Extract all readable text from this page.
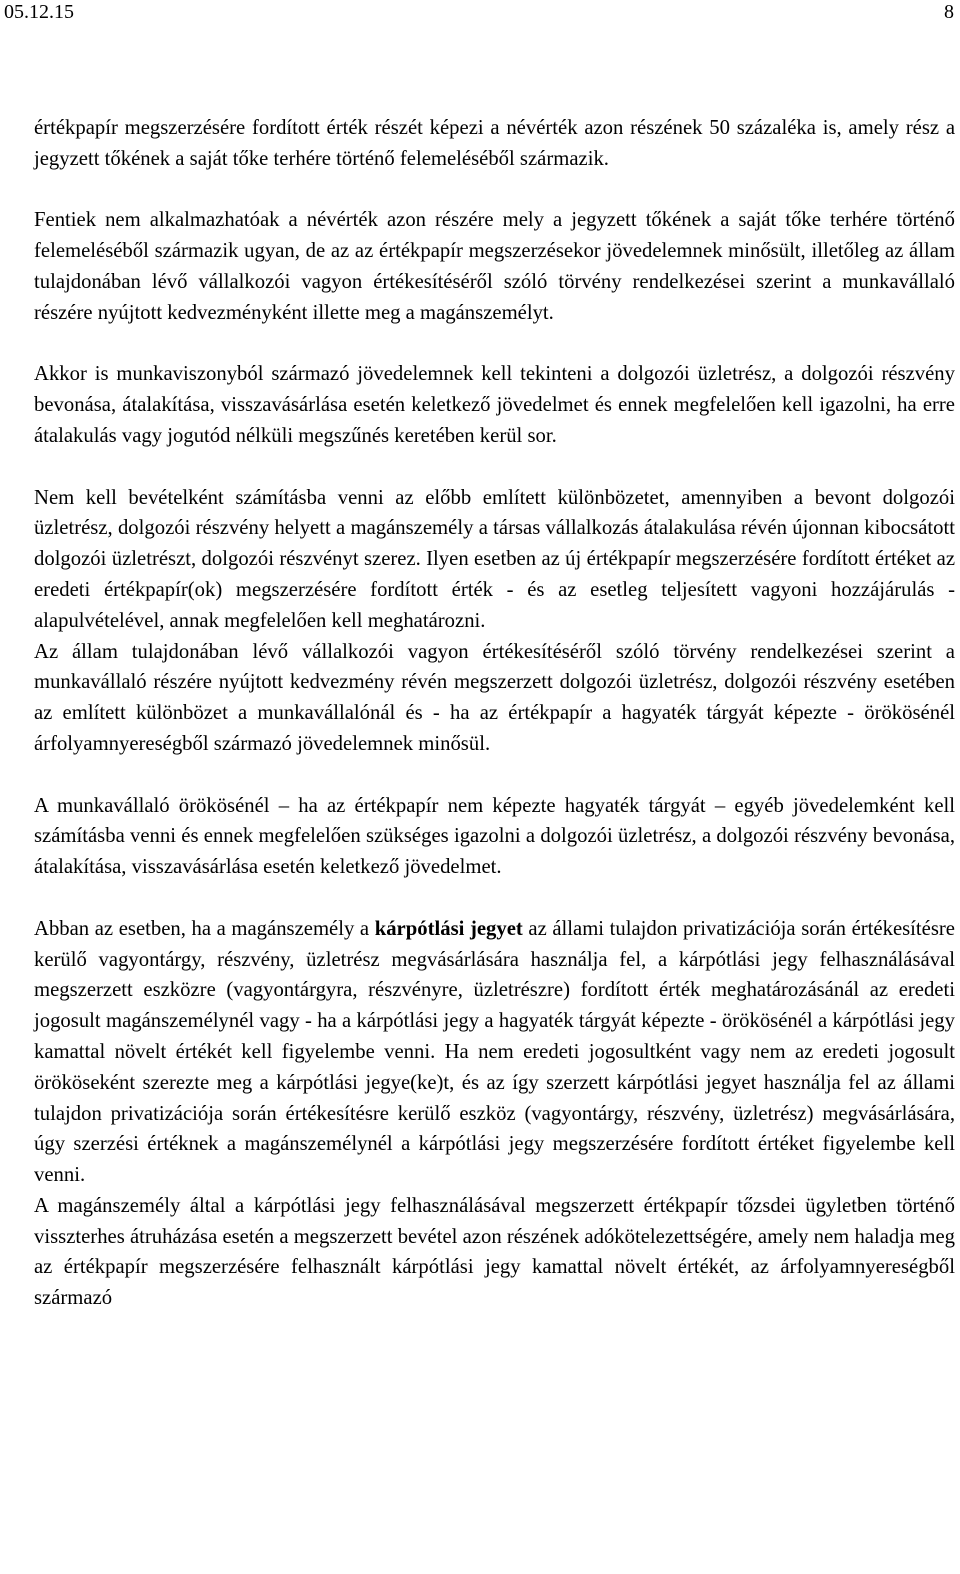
05.12.15	8

értékpapír megszerzésére fordított érték részét képezi a névérték azon részének 50 százaléka is, amely rész a jegyzett tőkének a saját tőke terhére történő felemeléséből származik.

Fentiek nem alkalmazhatóak a névérték azon részére mely a jegyzett tőkének a saját tőke terhére történő felemeléséből származik ugyan, de az az értékpapír megszerzésekor jövedelemnek minősült, illetőleg az állam tulajdonában lévő vállalkozói vagyon értékesítéséről szóló törvény rendelkezései szerint a munkavállaló részére nyújtott kedvezményként illette meg a magánszemélyt.

Akkor is munkaviszonyból származó jövedelemnek kell tekinteni a dolgozói üzletrész, a dolgozói részvény bevonása, átalakítása, visszavásárlása esetén keletkező jövedelmet és ennek megfelelően kell igazolni, ha erre átalakulás vagy jogutód nélküli megszűnés keretében kerül sor.

Nem kell bevételként számításba venni az előbb említett különbözetet, amennyiben a bevont dolgozói üzletrész, dolgozói részvény helyett a magánszemély a társas vállalkozás átalakulása révén újonnan kibocsátott dolgozói üzletrészt, dolgozói részvényt szerez. Ilyen esetben az új értékpapír megszerzésére fordított értéket az eredeti értékpapír(ok) megszerzésére fordított érték - és az esetleg teljesített vagyoni hozzájárulás - alapulvételével, annak megfelelően kell meghatározni.

Az állam tulajdonában lévő vállalkozói vagyon értékesítéséről szóló törvény rendelkezései szerint a munkavállaló részére nyújtott kedvezmény révén megszerzett dolgozói üzletrész, dolgozói részvény esetében az említett különbözet a munkavállalónál és - ha az értékpapír a hagyaték tárgyát képezte - örökösénél árfolyamnyereségből származó jövedelemnek minősül.

A munkavállaló örökösénél – ha az értékpapír nem képezte hagyaték tárgyát – egyéb jövedelemként kell számításba venni és ennek megfelelően szükséges igazolni a dolgozói üzletrész, a dolgozói részvény bevonása, átalakítása, visszavásárlása esetén keletkező jövedelmet.

Abban az esetben, ha a magánszemély a kárpótlási jegyet az állami tulajdon privatizációja során értékesítésre kerülő vagyontárgy, részvény, üzletrész megvásárlására használja fel, a kárpótlási jegy felhasználásával megszerzett eszközre (vagyontárgyra, részvényre, üzletrészre) fordított érték meghatározásánál az eredeti jogosult magánszemélynél vagy - ha a kárpótlási jegy a hagyaték tárgyát képezte - örökösénél a kárpótlási jegy kamattal növelt értékét kell figyelembe venni. Ha nem eredeti jogosultként vagy nem az eredeti jogosult örököseként szerezte meg a kárpótlási jegye(ke)t, és az így szerzett kárpótlási jegyet használja fel az állami tulajdon privatizációja során értékesítésre kerülő eszköz (vagyontárgy, részvény, üzletrész) megvásárlására, úgy szerzési értéknek a magánszemélynél a kárpótlási jegy megszerzésére fordított értéket figyelembe kell venni.

A magánszemély által a kárpótlási jegy felhasználásával megszerzett értékpapír tőzsdei ügyletben történő visszterhes átruházása esetén a megszerzett bevétel azon részének adókötelezettségére, amely nem haladja meg az értékpapír megszerzésére felhasznált kárpótlási jegy kamattal növelt értékét, az árfolyamnyereségből származó
